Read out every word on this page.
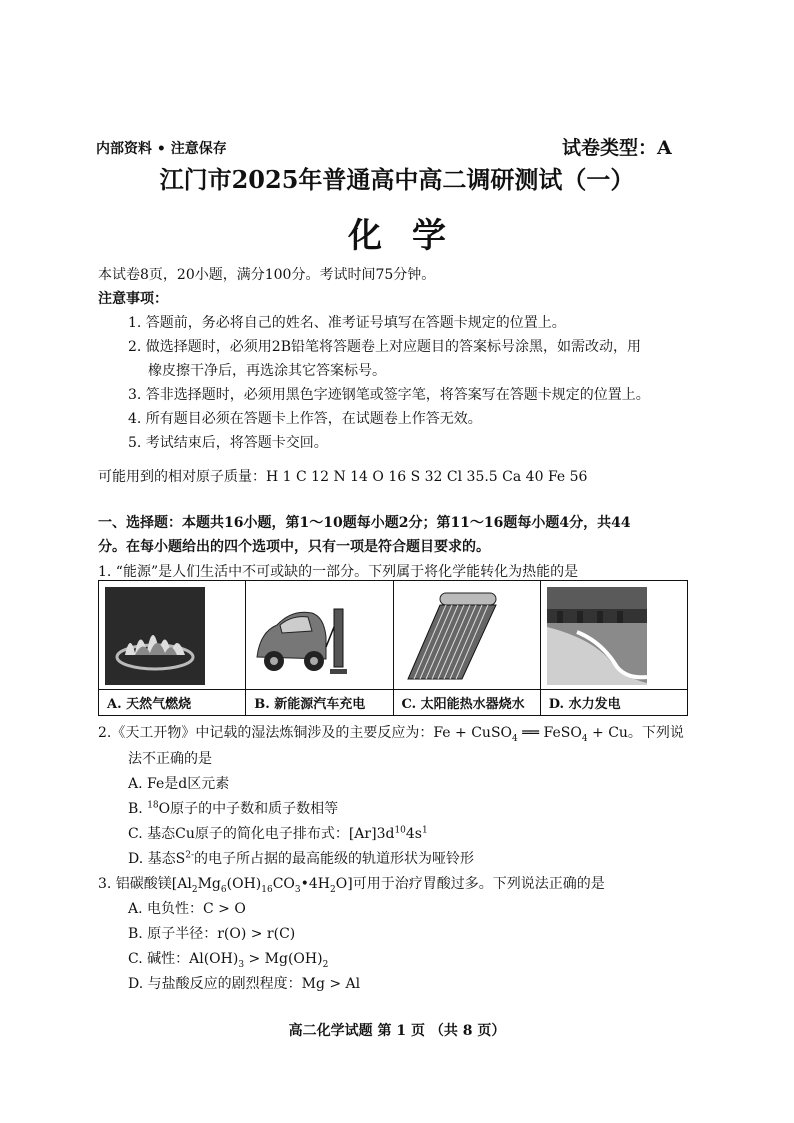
内部资料 • 注意保存	试卷类型：A
江门市2025年普通高中高二调研测试（一）
化学
本试卷8页，20小题，满分100分。考试时间75分钟。
注意事项：
1. 答题前，务必将自己的姓名、准考证号填写在答题卡规定的位置上。
2. 做选择题时，必须用2B铅笔将答题卷上对应题目的答案标号涂黑，如需改动，用
橡皮擦干净后，再选涂其它答案标号。
3. 答非选择题时，必须用黑色字迹钢笔或签字笔，将答案写在答题卡规定的位置上。
4. 所有题目必须在答题卡上作答，在试题卷上作答无效。
5. 考试结束后，将答题卡交回。
可能用到的相对原子质量：H 1 C 12 N 14 O 16 S 32 Cl 35.5 Ca 40 Fe 56
一、选择题：本题共16小题，第1～10题每小题2分；第11～16题每小题4分，共44
分。在每小题给出的四个选项中，只有一项是符合题目要求的。
1. “能源”是人们生活中不可或缺的一部分。下列属于将化学能转化为热能的是
A. 天然气燃烧	B. 新能源汽车充电	C. 太阳能热水器烧水	D. 水力发电
2.《天工开物》中记载的湿法炼铜涉及的主要反应为：Fe + CuSO$_4$ ══ FeSO$_4$ + Cu。下列说
法不正确的是
A. Fe是d区元素
B. $^{18}$O原子的中子数和质子数相等
C. 基态Cu原子的简化电子排布式：$[Ar]3d^{10}4s^1$
D. 基态$S^{2-}$的电子所占据的最高能级的轨道形状为哑铃形
3. 铝碳酸镁$[Al_2Mg_6(OH)_{16}CO_3•4H_2O]$可用于治疗胃酸过多。下列说法正确的是
A. 电负性：C > O
B. 原子半径：r(O) > r(C)
C. 碱性：$Al(OH)_3 > Mg(OH)_2$
D. 与盐酸反应的剧烈程度：Mg > Al
高二化学试题 第 1 页 （共 8 页）
